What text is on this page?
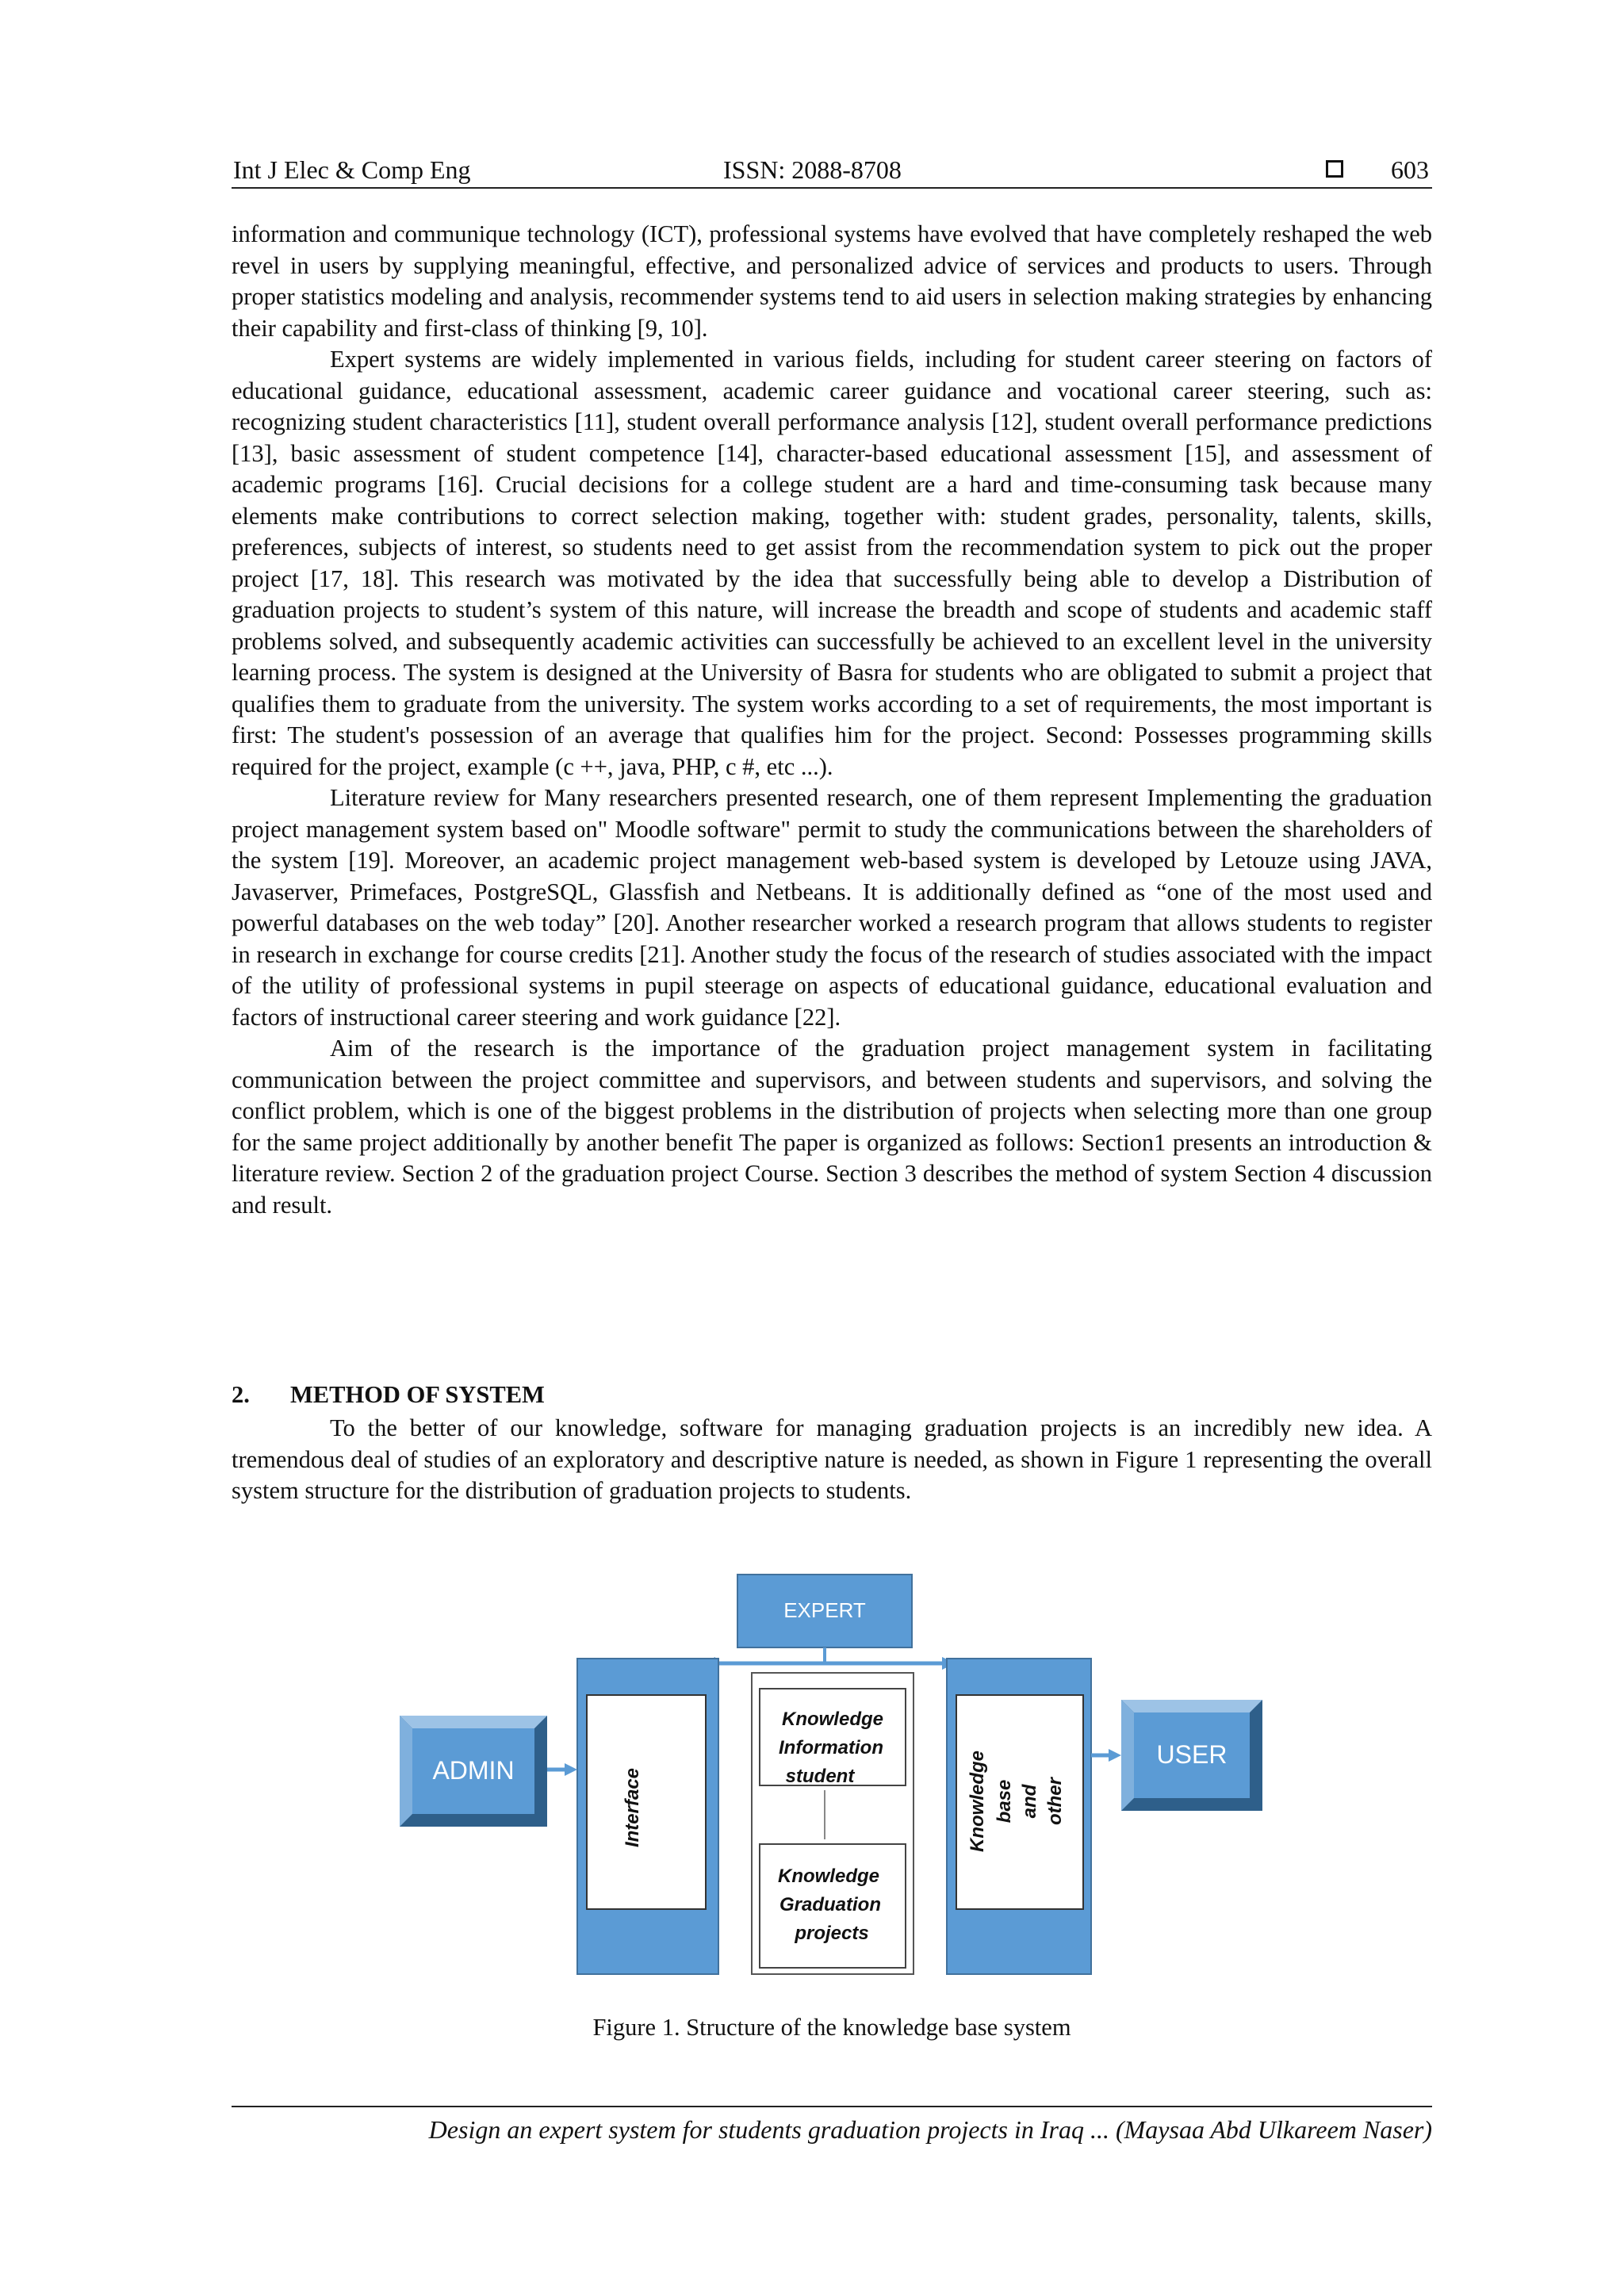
Int J Elec & Comp Eng	ISSN: 2088-8708	603

information and communique technology (ICT), professional systems have evolved that have completely reshaped the web revel in users by supplying meaningful, effective, and personalized advice of services and products to users. Through proper statistics modeling and analysis, recommender systems tend to aid users in selection making strategies by enhancing their capability and first-class of thinking [9, 10].

Expert systems are widely implemented in various fields, including for student career steering on factors of educational guidance, educational assessment, academic career guidance and vocational career steering, such as: recognizing student characteristics [11], student overall performance analysis [12], student overall performance predictions [13], basic assessment of student competence [14], character-based educational assessment [15], and assessment of academic programs [16]. Crucial decisions for a college student are a hard and time-consuming task because many elements make contributions to correct selection making, together with: student grades, personality, talents, skills, preferences, subjects of interest, so students need to get assist from the recommendation system to pick out the proper project [17, 18]. This research was motivated by the idea that successfully being able to develop a Distribution of graduation projects to student’s system of this nature, will increase the breadth and scope of students and academic staff problems solved, and subsequently academic activities can successfully be achieved to an excellent level in the university learning process. The system is designed at the University of Basra for students who are obligated to submit a project that qualifies them to graduate from the university. The system works according to a set of requirements, the most important is first: The student's possession of an average that qualifies him for the project. Second: Possesses programming skills required for the project, example (c ++, java, PHP, c #, etc ...).

Literature review for Many researchers presented research, one of them represent Implementing the graduation project management system based on" Moodle software" permit to study the communications between the shareholders of the system [19]. Moreover, an academic project management web-based system is developed by Letouze using JAVA, Javaserver, Primefaces, PostgreSQL, Glassfish and Netbeans. It is additionally defined as “one of the most used and powerful databases on the web today” [20]. Another researcher worked a research program that allows students to register in research in exchange for course credits [21]. Another study the focus of the research of studies associated with the impact of the utility of professional systems in pupil steerage on aspects of educational guidance, educational evaluation and factors of instructional career steering and work guidance [22].

Aim of the research is the importance of the graduation project management system in facilitating communication between the project committee and supervisors, and between students and supervisors, and solving the conflict problem, which is one of the biggest problems in the distribution of projects when selecting more than one group for the same project additionally by another benefit The paper is organized as follows: Section1 presents an introduction & literature review. Section 2 of the graduation project Course. Section 3 describes the method of system Section 4 discussion and result.

2. METHOD OF SYSTEM

To the better of our knowledge, software for managing graduation projects is an incredibly new idea. A tremendous deal of studies of an exploratory and descriptive nature is needed, as shown in Figure 1 representing the overall system structure for the distribution of graduation projects to students.

EXPERT
Interface
Knowledge
Information
student
Knowledge
Graduation
projects
Knowledge base and other
ADMIN
USER
Figure 1. Structure of the knowledge base system
Design an expert system for students graduation projects in Iraq ... (Maysaa Abd Ulkareem Naser)
